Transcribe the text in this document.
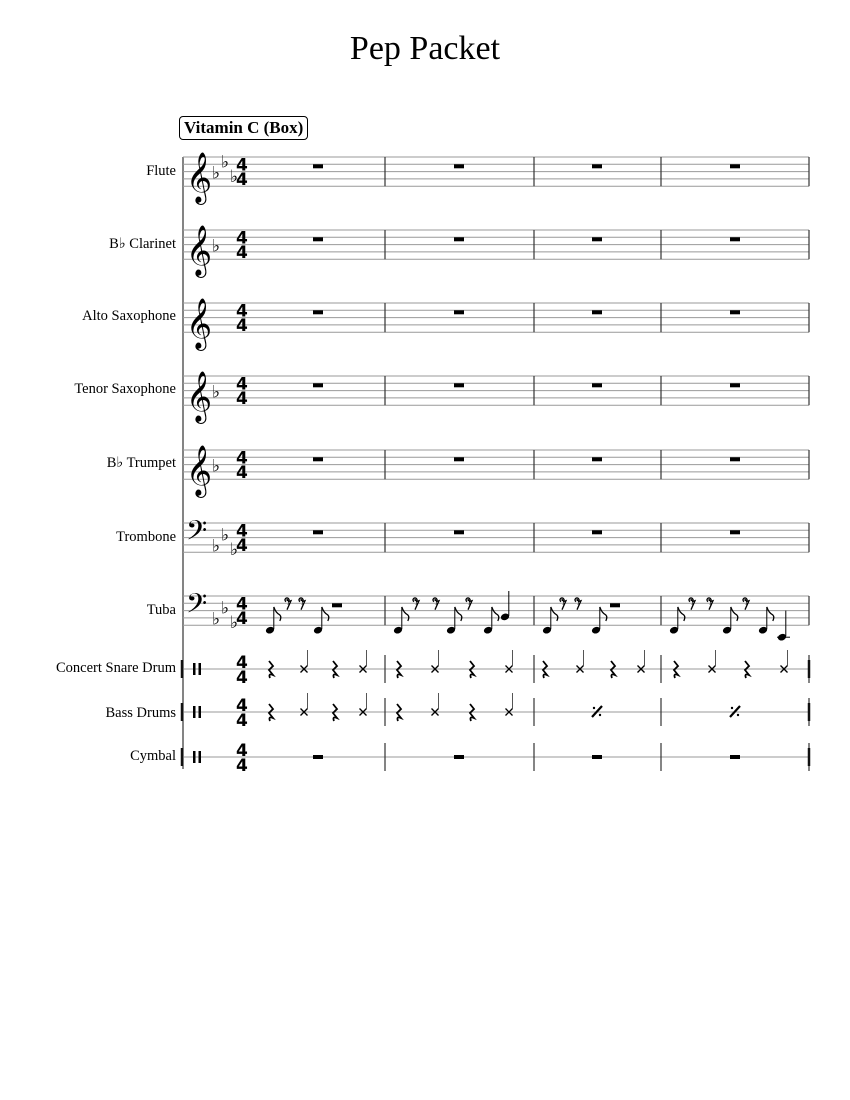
Pep Packet
Vitamin C (Box)
Flute
B♭ Clarinet
Alto Saxophone
Tenor Saxophone
B♭ Trumpet
Trombone
Tuba
Concert Snare Drum
Bass Drums
Cymbal
𝄞 ♭
♭
♭
4
4
𝄞 ♭ 4
4
𝄞 4
4
𝄞 ♭ 4
4
𝄞 ♭ 4
4
𝄢 ♭
♭
♭
4
4
𝄢 ♭
♭
♭
4
4
𝄾 𝄾	𝄾 𝄾 𝄾	𝄾 𝄾	𝄾 𝄾 𝄾
4
4
4
4
4
4
